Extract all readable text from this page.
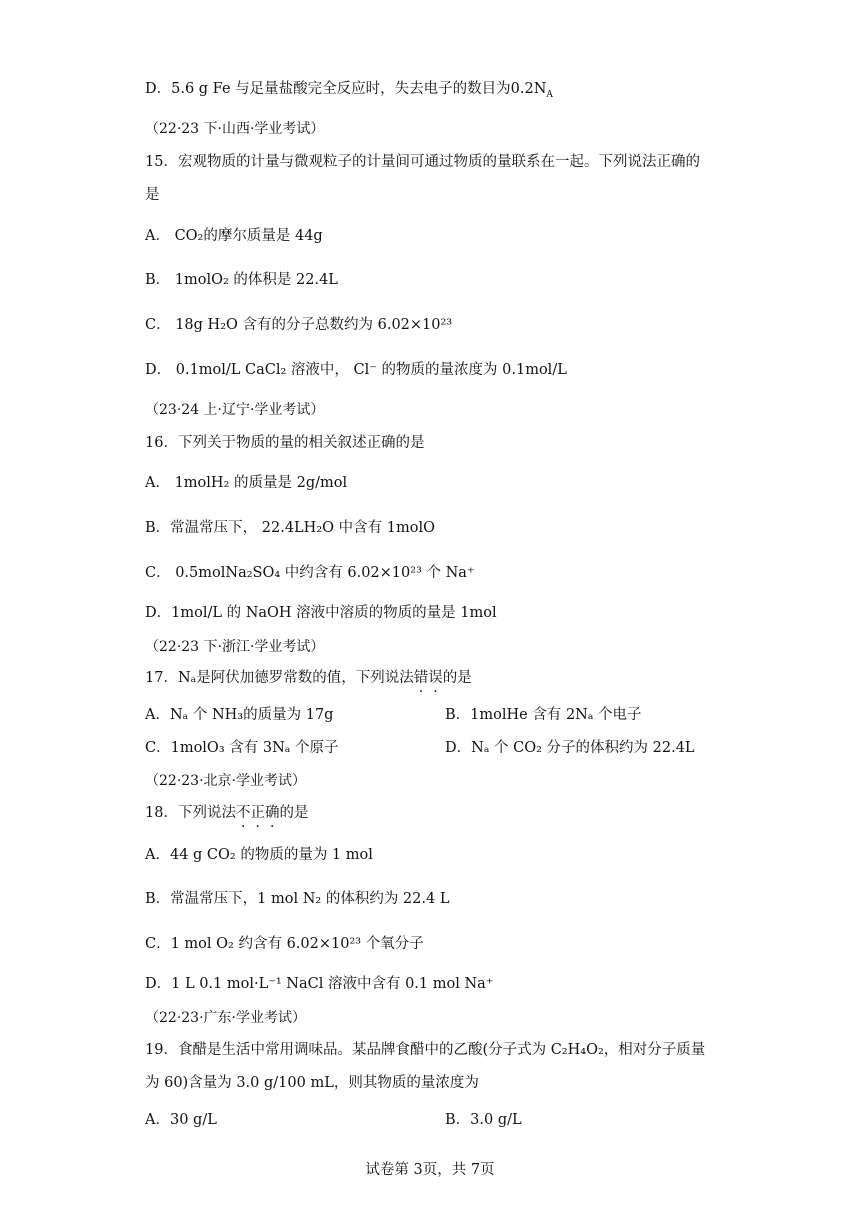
D．5.6 g Fe 与足量盐酸完全反应时，失去电子的数目为$0.2N_A$
（22·23 下·山西·学业考试）
15．宏观物质的计量与微观粒子的计量间可通过物质的量联系在一起。下列说法正确的
是
A． CO₂的摩尔质量是 44g
B． 1molO₂ 的体积是 22.4L
C． 18g H₂O 含有的分子总数约为 6.02×10²³
D． 0.1mol/L CaCl₂ 溶液中， Cl⁻ 的物质的量浓度为 0.1mol/L
（23·24 上·辽宁·学业考试）
16．下列关于物质的量的相关叙述正确的是
A． 1molH₂ 的质量是 2g/mol
B．常温常压下， 22.4LH₂O 中含有 1molO
C． 0.5molNa₂SO₄ 中约含有 6.02×10²³ 个 Na⁺
D．1mol/L 的 NaOH 溶液中溶质的物质的量是 1mol
（22·23 下·浙江·学业考试）
17．Nₐ是阿伏加德罗常数的值，下列说法错误的是
A．Nₐ 个 NH₃的质量为 17g	B．1molHe 含有 2Nₐ 个电子
C．1molO₃ 含有 3Nₐ 个原子	D．Nₐ 个 CO₂ 分子的体积约为 22.4L
（22·23·北京·学业考试）
18．下列说法不正确的是
A．44 g CO₂ 的物质的量为 1 mol
B．常温常压下，1 mol N₂ 的体积约为 22.4 L
C．1 mol O₂ 约含有 6.02×10²³ 个氧分子
D．1 L 0.1 mol·L⁻¹ NaCl 溶液中含有 0.1 mol Na⁺
（22·23·广东·学业考试）
19．食醋是生活中常用调味品。某品牌食醋中的乙酸(分子式为 C₂H₄O₂，相对分子质量
为 60)含量为 3.0 g/100 mL，则其物质的量浓度为
A．30 g/L	B．3.0 g/L
试卷第 3页，共 7页
